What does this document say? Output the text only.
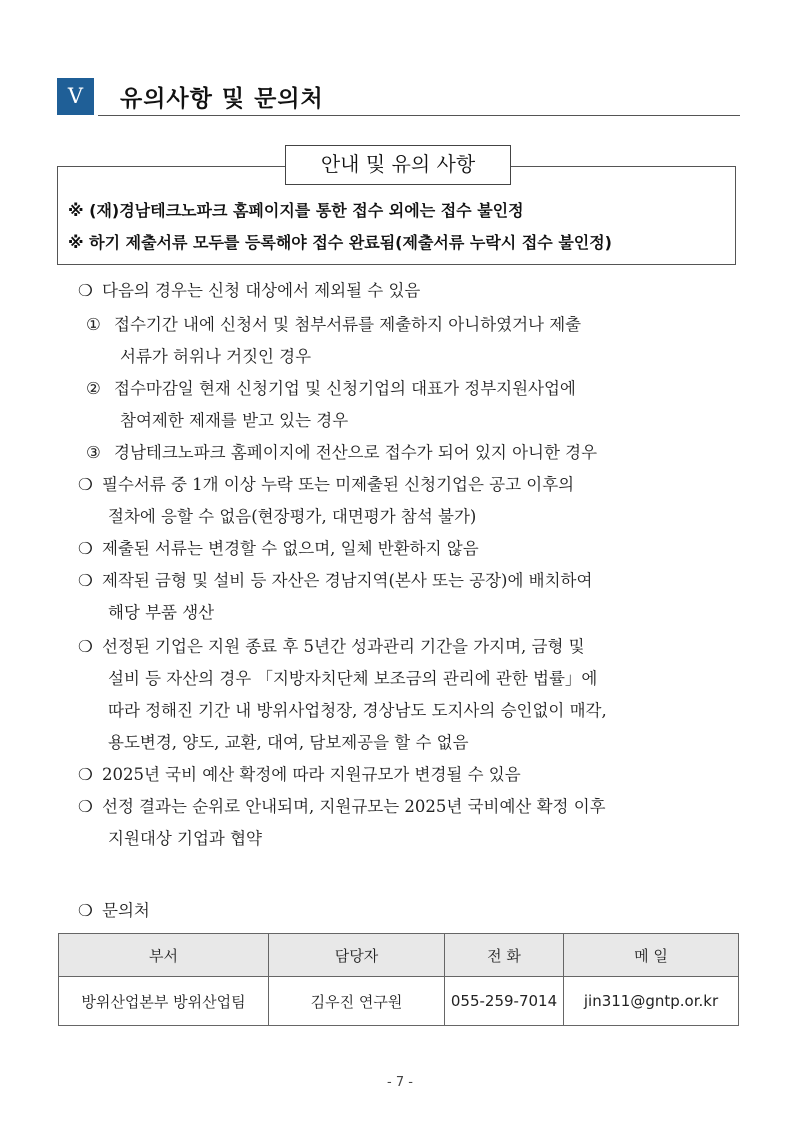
V	유의사항 및 문의처
안내 및 유의 사항
※ (재)경남테크노파크 홈페이지를 통한 접수 외에는 접수 불인정
※ 하기 제출서류 모두를 등록해야 접수 완료됨(제출서류 누락시 접수 불인정)
❍ 다음의 경우는 신청 대상에서 제외될 수 있음
① 접수기간 내에 신청서 및 첨부서류를 제출하지 아니하였거나 제출
서류가 허위나 거짓인 경우
② 접수마감일 현재 신청기업 및 신청기업의 대표가 정부지원사업에
참여제한 제재를 받고 있는 경우
③ 경남테크노파크 홈페이지에 전산으로 접수가 되어 있지 아니한 경우
❍ 필수서류 중 1개 이상 누락 또는 미제출된 신청기업은 공고 이후의
절차에 응할 수 없음(현장평가, 대면평가 참석 불가)
❍ 제출된 서류는 변경할 수 없으며, 일체 반환하지 않음
❍ 제작된 금형 및 설비 등 자산은 경남지역(본사 또는 공장)에 배치하여
해당 부품 생산
❍ 선정된 기업은 지원 종료 후 5년간 성과관리 기간을 가지며, 금형 및
설비 등 자산의 경우 「지방자치단체 보조금의 관리에 관한 법률」에
따라 정해진 기간 내 방위사업청장, 경상남도 도지사의 승인없이 매각,
용도변경, 양도, 교환, 대여, 담보제공을 할 수 없음
❍ 2025년 국비 예산 확정에 따라 지원규모가 변경될 수 있음
❍ 선정 결과는 순위로 안내되며, 지원규모는 2025년 국비예산 확정 이후
지원대상 기업과 협약
❍ 문의처
부서	담당자	전 화	메 일
방위산업본부 방위산업팀	김우진 연구원	055-259-7014	jin311@gntp.or.kr
- 7 -
